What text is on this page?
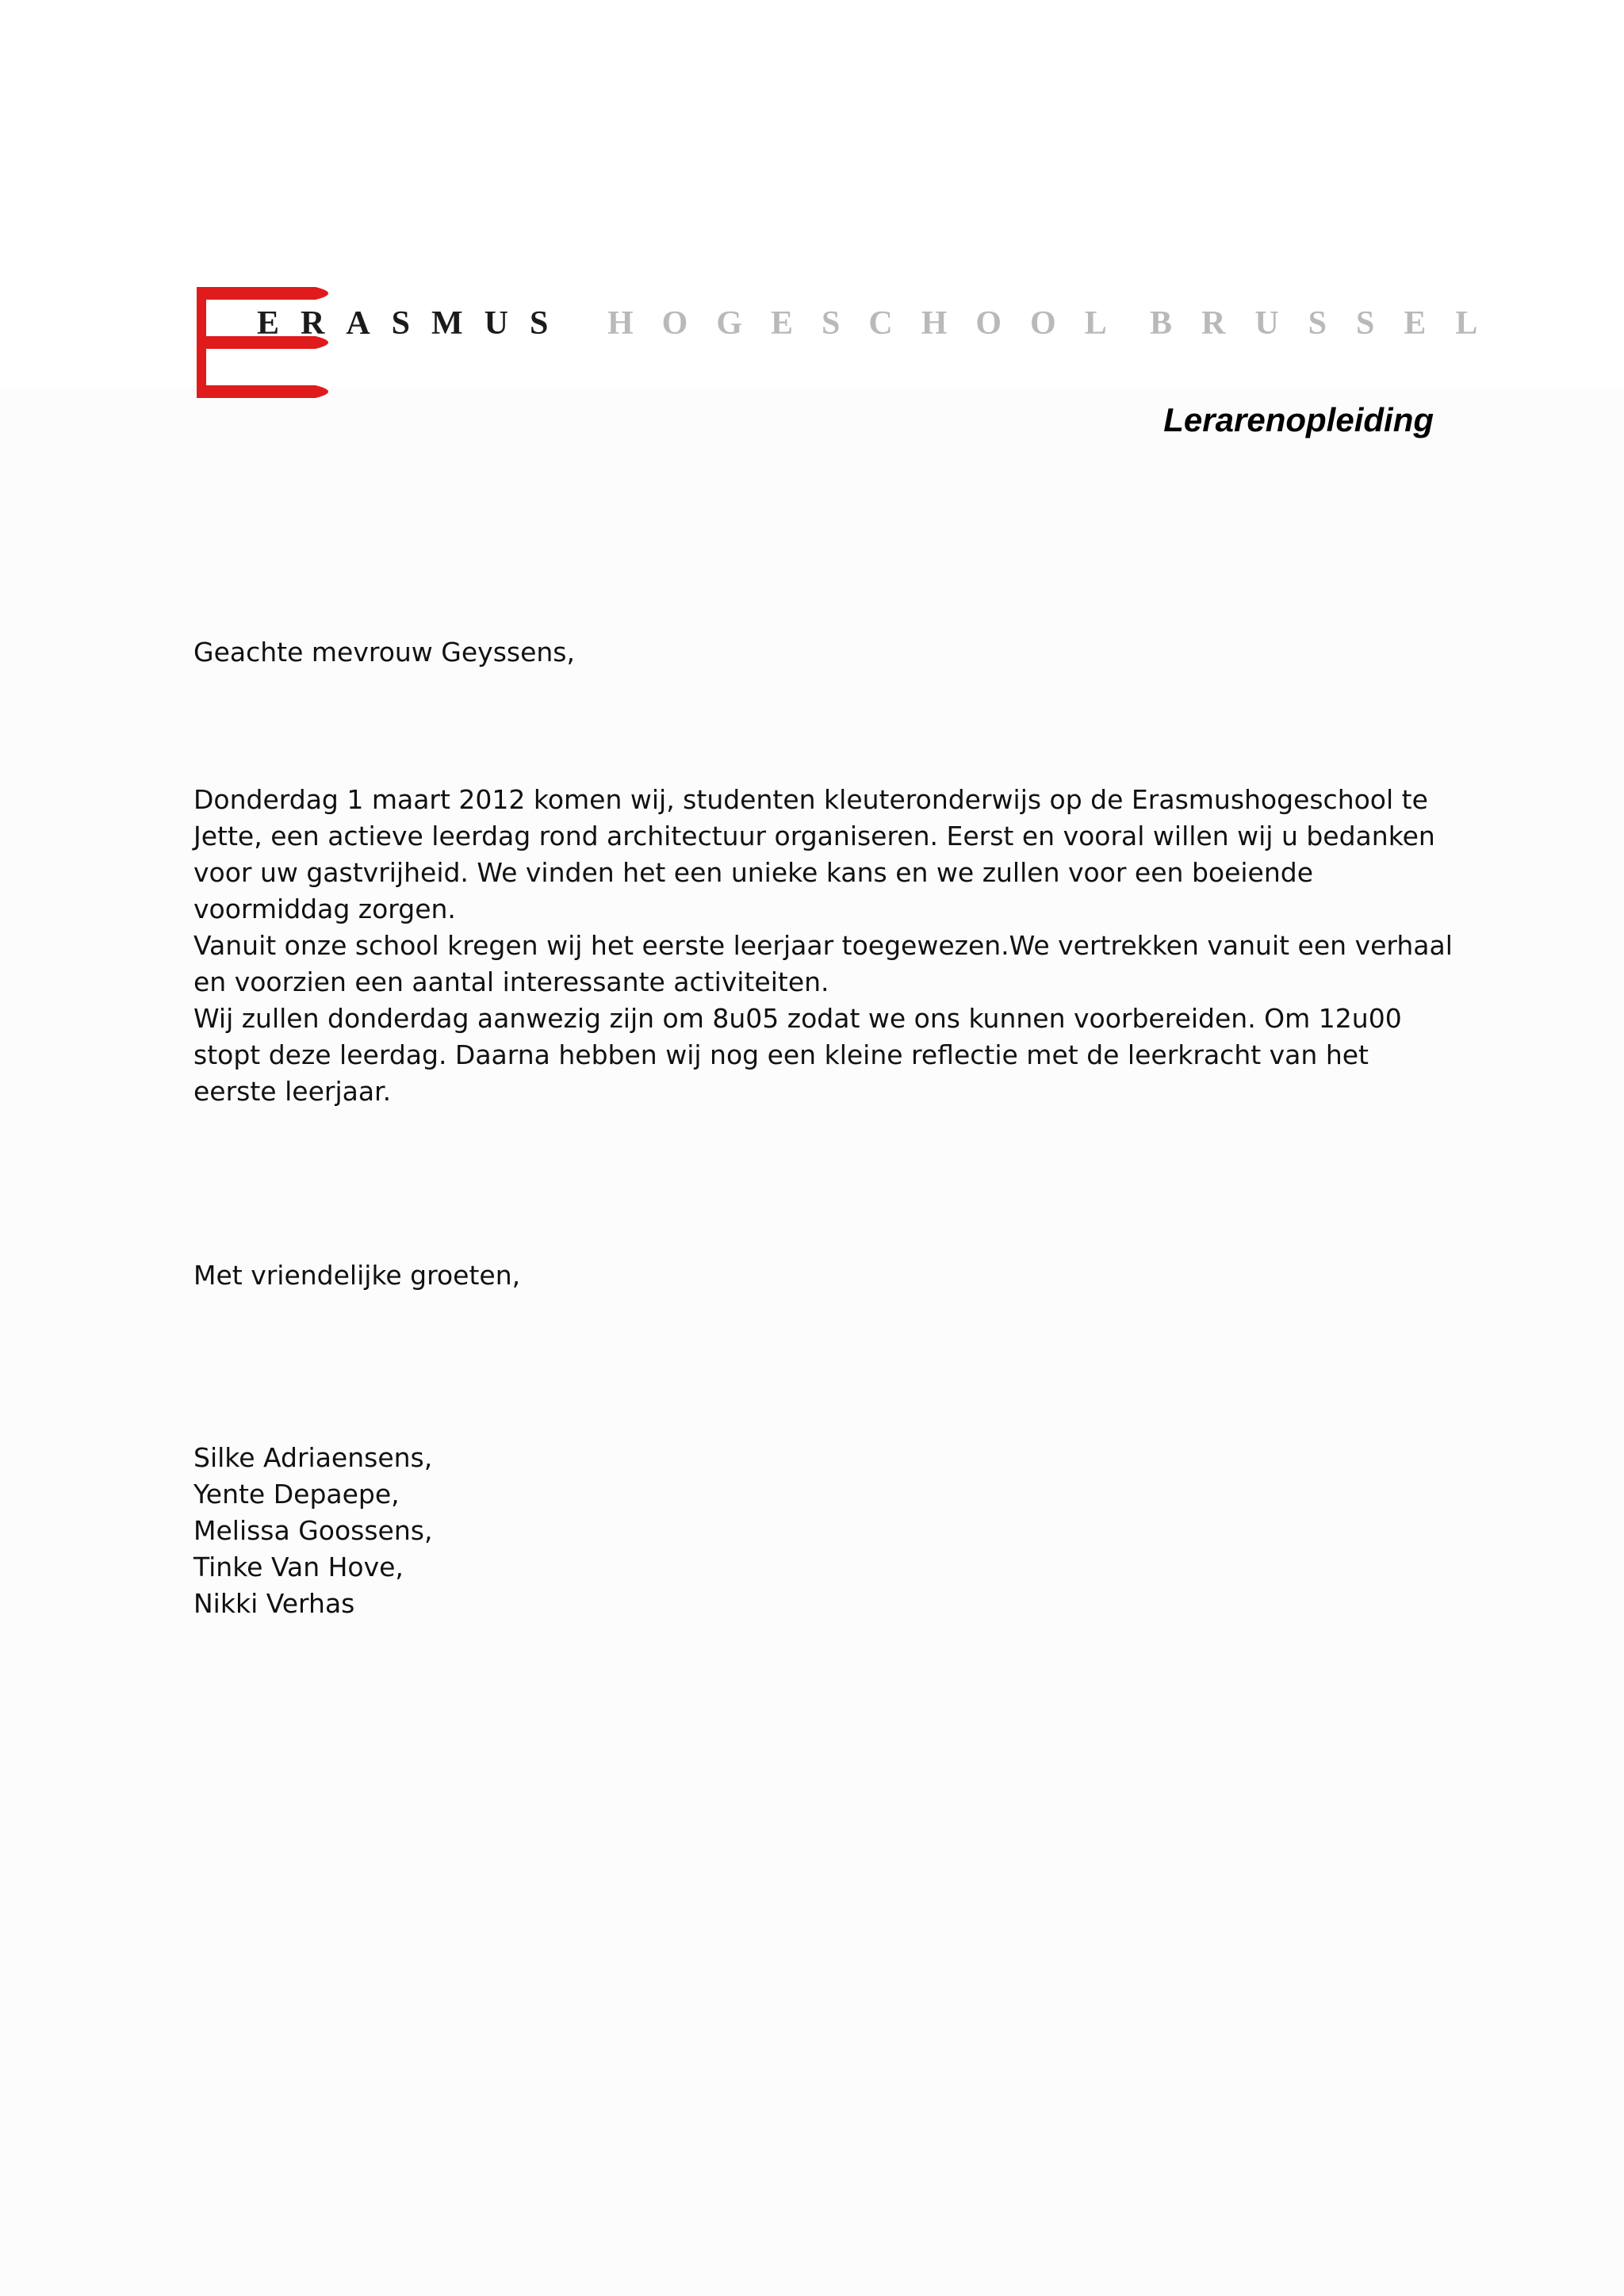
ERASMUS HOGESCHOOL BRUSSEL
Lerarenopleiding

Geachte mevrouw Geyssens,

Donderdag 1 maart 2012 komen wij, studenten kleuteronderwijs op de Erasmushogeschool te Jette, een actieve leerdag rond architectuur organiseren. Eerst en vooral willen wij u bedanken voor uw gastvrijheid. We vinden het een unieke kans en we zullen voor een boeiende voormiddag zorgen.

Vanuit onze school kregen wij het eerste leerjaar toegewezen.We vertrekken vanuit een verhaal en voorzien een aantal interessante activiteiten.

Wij zullen donderdag aanwezig zijn om 8u05 zodat we ons kunnen voorbereiden. Om 12u00 stopt deze leerdag. Daarna hebben wij nog een kleine reflectie met de leerkracht van het eerste leerjaar.

Met vriendelijke groeten,

Silke Adriaensens,
Yente Depaepe,
Melissa Goossens,
Tinke Van Hove,
Nikki Verhas
